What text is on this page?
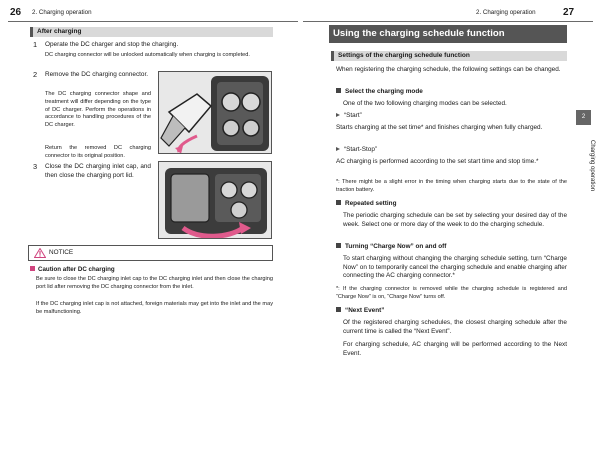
26 2. Charging operation
After charging
1 Operate the DC charger and stop the charging.
DC charging connector will be unlocked automatically when charging is completed.
2 Remove the DC charging connector.
The DC charging connector shape and treatment will differ depending on the type of DC charger. Perform the operations in accordance to handling procedures of the DC charger.
Return the removed DC charging connector to its original position.
3 Close the DC charging inlet cap, and then close the charging port lid.
NOTICE
Caution after DC charging
Be sure to close the DC charging inlet cap to the DC charging inlet and then close the charging port lid after removing the DC charging connector from the inlet.
If the DC charging inlet cap is not attached, foreign materials may get into the inlet and the may be malfunctioning.
2. Charging operation	27
Using the charging schedule function
Settings of the charging schedule function
When registering the charging schedule, the following settings can be changed.
Select the charging mode
One of the two following charging modes can be selected.
“Start”
Starts charging at the set time* and finishes charging when fully charged.
“Start-Stop”
AC charging is performed according to the set start time and stop time.*
*: There might be a slight error in the timing when charging starts due to the state of the traction battery.
Repeated setting
The periodic charging schedule can be set by selecting your desired day of the week. Select one or more day of the week to do the charging schedule.
Turning “Charge Now” on and off
To start charging without changing the charging schedule setting, turn “Charge Now” on to temporarily cancel the charging schedule and enable charging after connecting the AC charging connector.*
*: If the charging connector is removed while the charging schedule is registered and “Charge Now” is on, “Charge Now” turns off.
“Next Event”
Of the registered charging schedules, the closest charging schedule after the current time is called the “Next Event”.
For charging schedule, AC charging will be performed according to the Next Event.
2
Charging operation
